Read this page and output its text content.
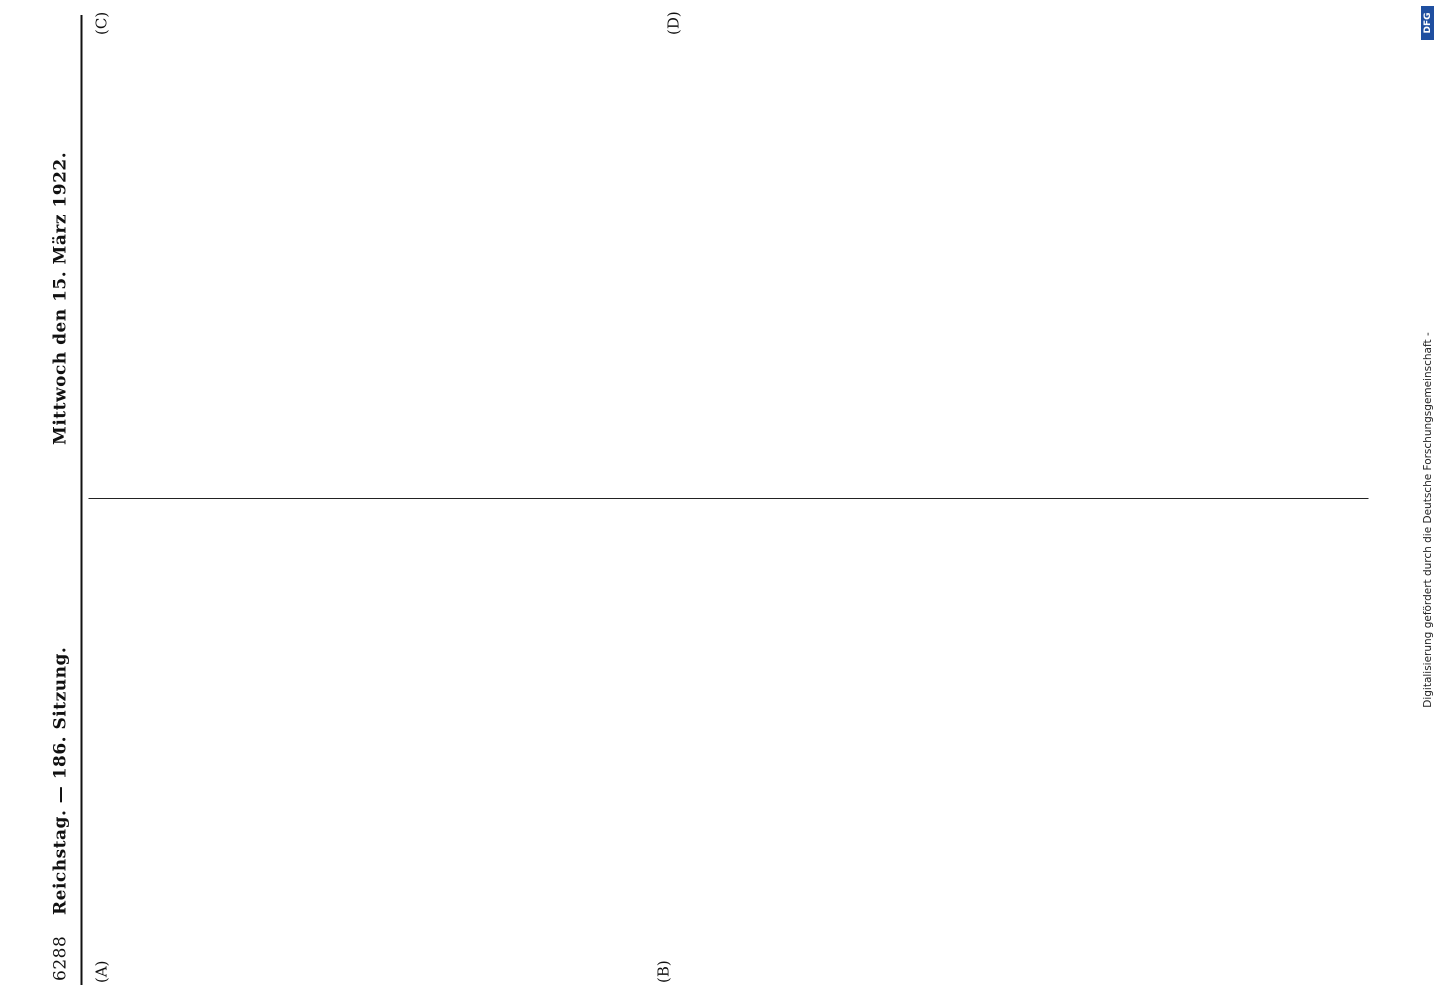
6288
Reichstag. — 186. Sitzung.
Mittwoch den 15. März 1922.
(A)	(B)
(C)	(D)	DFG
Digitalisierung gefördert durch die Deutsche Forschungsgemeinschaft -
